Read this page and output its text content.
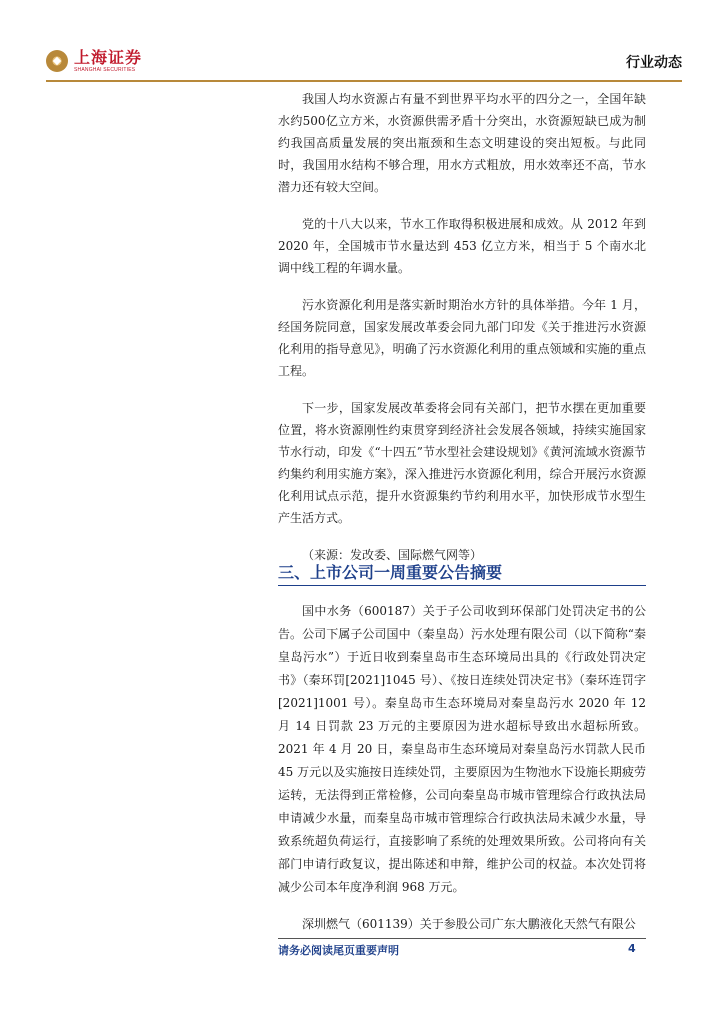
上海证券
SHANGHAI SECURITIES	行业动态

我国人均水资源占有量不到世界平均水平的四分之一，全国年缺水约500亿立方米，水资源供需矛盾十分突出，水资源短缺已成为制约我国高质量发展的突出瓶颈和生态文明建设的突出短板。与此同时，我国用水结构不够合理，用水方式粗放，用水效率还不高，节水潜力还有较大空间。

党的十八大以来，节水工作取得积极进展和成效。从 2012 年到 2020 年，全国城市节水量达到 453 亿立方米，相当于 5 个南水北调中线工程的年调水量。

污水资源化利用是落实新时期治水方针的具体举措。今年 1 月，经国务院同意，国家发展改革委会同九部门印发《关于推进污水资源化利用的指导意见》，明确了污水资源化利用的重点领域和实施的重点工程。

下一步，国家发展改革委将会同有关部门，把节水摆在更加重要位置，将水资源刚性约束贯穿到经济社会发展各领域，持续实施国家节水行动，印发《“十四五”节水型社会建设规划》《黄河流域水资源节约集约利用实施方案》，深入推进污水资源化利用，综合开展污水资源化利用试点示范，提升水资源集约节约利用水平，加快形成节水型生产生活方式。

（来源：发改委、国际燃气网等）

三、上市公司一周重要公告摘要

国中水务（600187）关于子公司收到环保部门处罚决定书的公告。公司下属子公司国中（秦皇岛）污水处理有限公司（以下简称“秦皇岛污水”）于近日收到秦皇岛市生态环境局出具的《行政处罚决定书》（秦环罚[2021]1045 号）、《按日连续处罚决定书》（秦环连罚字[2021]1001 号）。秦皇岛市生态环境局对秦皇岛污水 2020 年 12 月 14 日罚款 23 万元的主要原因为进水超标导致出水超标所致。2021 年 4 月 20 日，秦皇岛市生态环境局对秦皇岛污水罚款人民币 45 万元以及实施按日连续处罚，主要原因为生物池水下设施长期疲劳运转，无法得到正常检修，公司向秦皇岛市城市管理综合行政执法局申请减少水量，而秦皇岛市城市管理综合行政执法局未减少水量，导致系统超负荷运行，直接影响了系统的处理效果所致。公司将向有关部门申请行政复议，提出陈述和申辩，维护公司的权益。本次处罚将减少公司本年度净利润 968 万元。

深圳燃气（601139）关于参股公司广东大鹏液化天然气有限公

请务必阅读尾页重要声明	4
